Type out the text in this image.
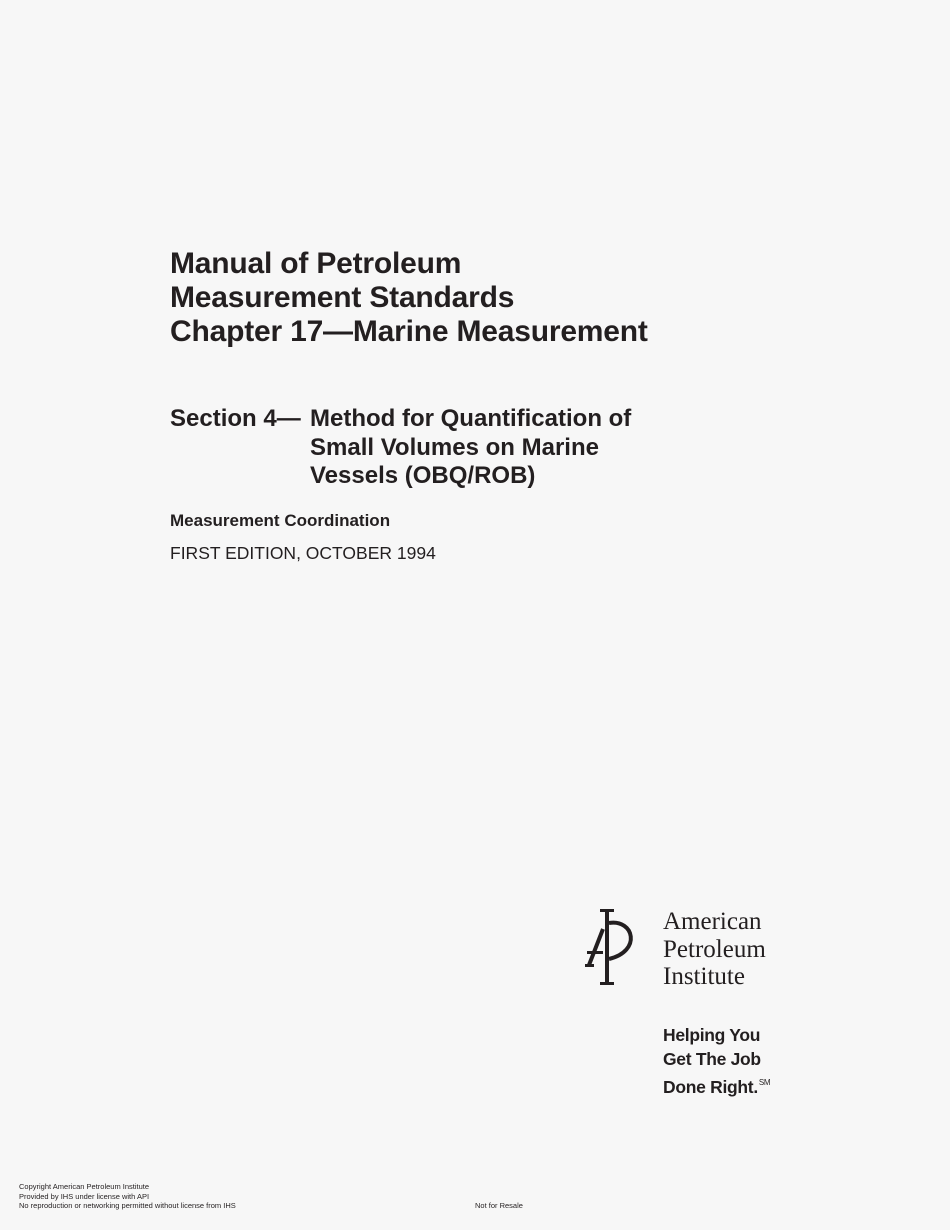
Manual of Petroleum
Measurement Standards
Chapter 17—Marine Measurement
Section 4— Method for Quantification of
Small Volumes on Marine
Vessels (OBQ/ROB)
Measurement Coordination
FIRST EDITION, OCTOBER 1994
American
Petroleum
Institute
Helping You
Get The Job
Done Right.℠
Copyright American Petroleum Institute
Provided by IHS under license with API
No reproduction or networking permitted without license from IHS	Not for Resale
